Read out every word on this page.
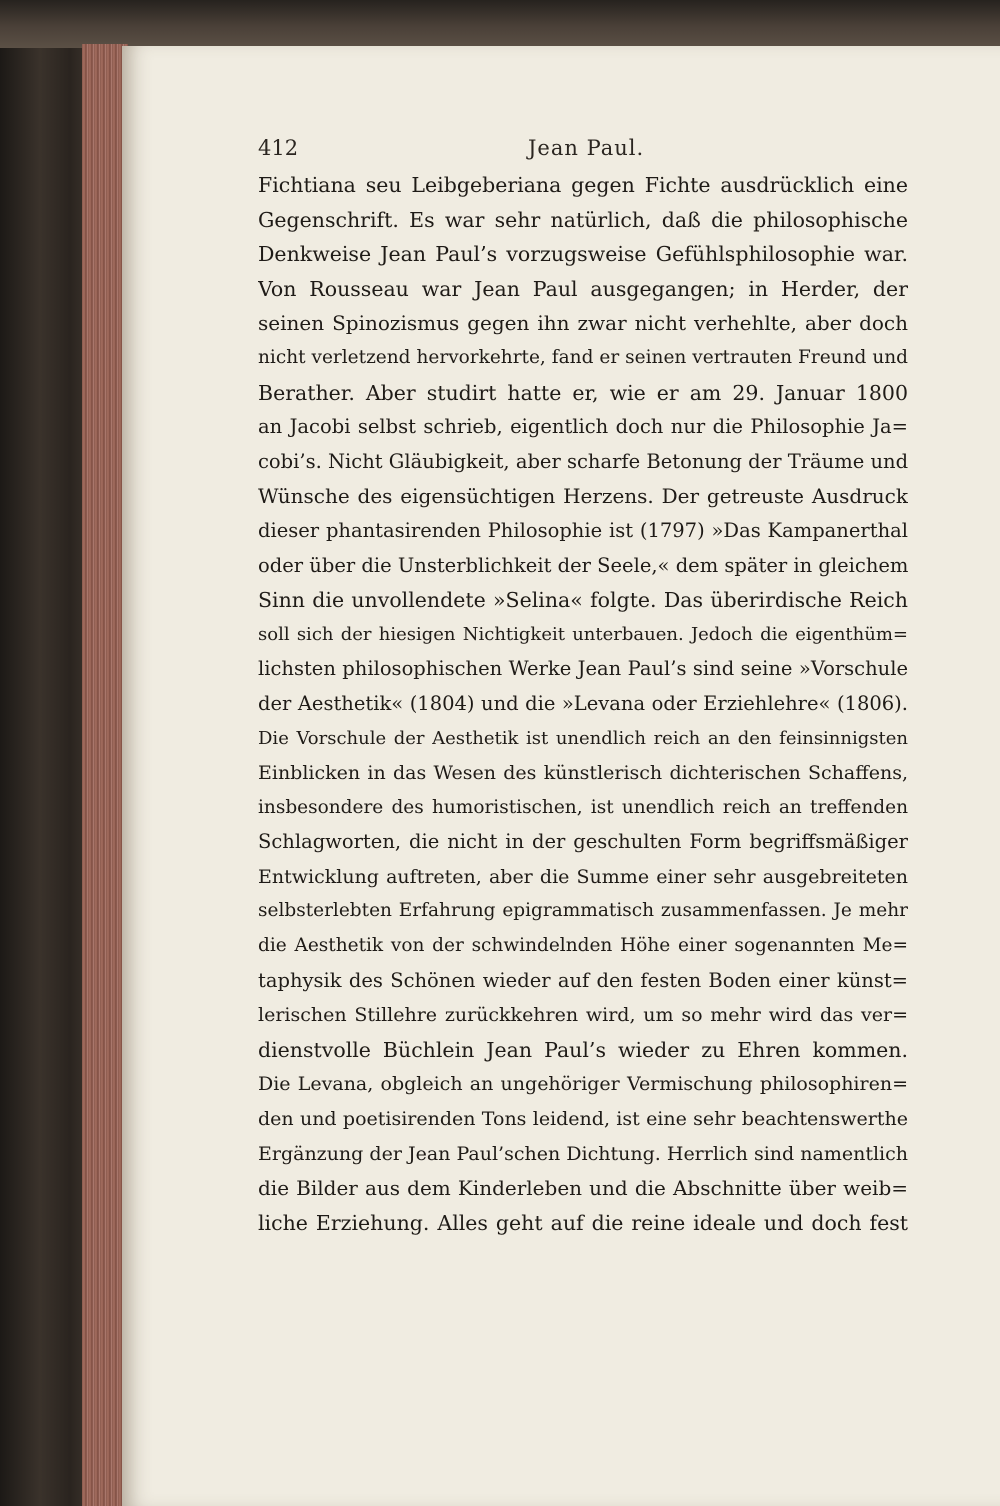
412	Jean Paul.
Fichtiana seu Leibgeberiana gegen Fichte ausdrücklich eine
Gegenschrift. Es war sehr natürlich, daß die philosophische
Denkweise Jean Paul’s vorzugsweise Gefühlsphilosophie war.
Von Rousseau war Jean Paul ausgegangen; in Herder, der
seinen Spinozismus gegen ihn zwar nicht verhehlte, aber doch
nicht verletzend hervorkehrte, fand er seinen vertrauten Freund und
Berather. Aber studirt hatte er, wie er am 29. Januar 1800
an Jacobi selbst schrieb, eigentlich doch nur die Philosophie Ja=
cobi’s. Nicht Gläubigkeit, aber scharfe Betonung der Träume und
Wünsche des eigensüchtigen Herzens. Der getreuste Ausdruck
dieser phantasirenden Philosophie ist (1797) »Das Kampanerthal
oder über die Unsterblichkeit der Seele,« dem später in gleichem
Sinn die unvollendete »Selina« folgte. Das überirdische Reich
soll sich der hiesigen Nichtigkeit unterbauen. Jedoch die eigenthüm=
lichsten philosophischen Werke Jean Paul’s sind seine »Vorschule
der Aesthetik« (1804) und die »Levana oder Erziehlehre« (1806).
Die Vorschule der Aesthetik ist unendlich reich an den feinsinnigsten
Einblicken in das Wesen des künstlerisch dichterischen Schaffens,
insbesondere des humoristischen, ist unendlich reich an treffenden
Schlagworten, die nicht in der geschulten Form begriffsmäßiger
Entwicklung auftreten, aber die Summe einer sehr ausgebreiteten
selbsterlebten Erfahrung epigrammatisch zusammenfassen. Je mehr
die Aesthetik von der schwindelnden Höhe einer sogenannten Me=
taphysik des Schönen wieder auf den festen Boden einer künst=
lerischen Stillehre zurückkehren wird, um so mehr wird das ver=
dienstvolle Büchlein Jean Paul’s wieder zu Ehren kommen.
Die Levana, obgleich an ungehöriger Vermischung philosophiren=
den und poetisirenden Tons leidend, ist eine sehr beachtenswerthe
Ergänzung der Jean Paul’schen Dichtung. Herrlich sind namentlich
die Bilder aus dem Kinderleben und die Abschnitte über weib=
liche Erziehung. Alles geht auf die reine ideale und doch fest
